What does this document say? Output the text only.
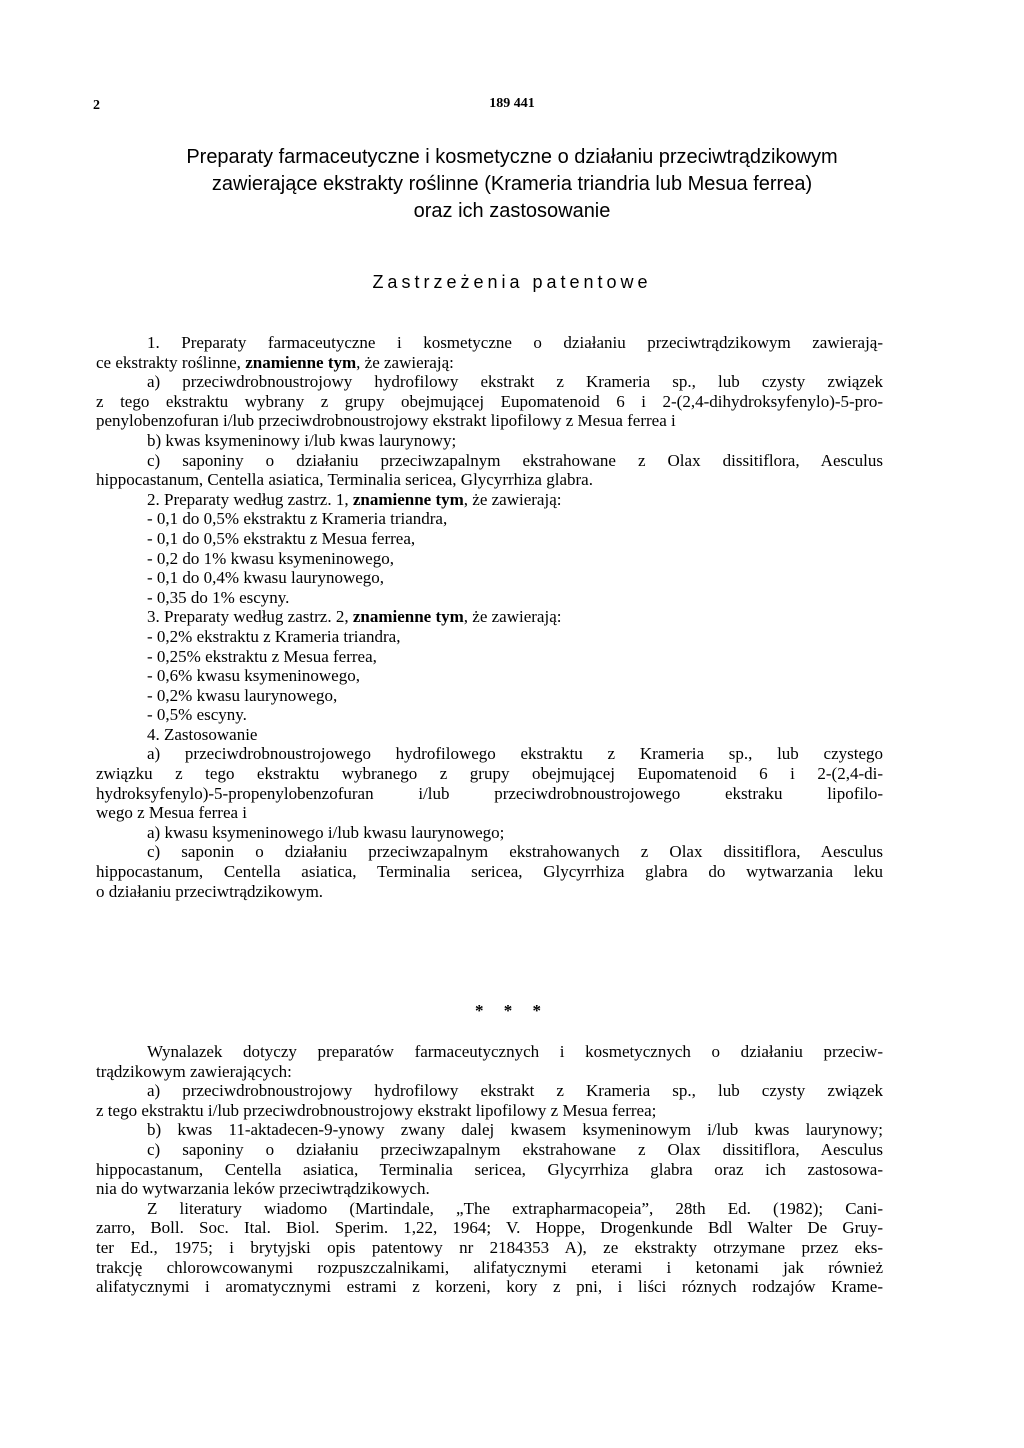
2	189 441
Preparaty farmaceutyczne i kosmetyczne o działaniu przeciwtrądzikowym
zawierające ekstrakty roślinne (Krameria triandria lub Mesua ferrea)
oraz ich zastosowanie
Zastrzeżenia patentowe
1. Preparaty farmaceutyczne i kosmetyczne o działaniu przeciwtrądzikowym zawierają-
ce ekstrakty roślinne, znamienne tym, że zawierają:
a) przeciwdrobnoustrojowy hydrofilowy ekstrakt z Krameria sp., lub czysty związek
z tego ekstraktu wybrany z grupy obejmującej Eupomatenoid 6 i 2-(2,4-dihydroksyfenylo)-5-pro-
penylobenzofuran i/lub przeciwdrobnoustrojowy ekstrakt lipofilowy z Mesua ferrea i
b) kwas ksymeninowy i/lub kwas laurynowy;
c) saponiny o działaniu przeciwzapalnym ekstrahowane z Olax dissitiflora, Aesculus
hippocastanum, Centella asiatica, Terminalia sericea, Glycyrrhiza glabra.
2. Preparaty według zastrz. 1, znamienne tym, że zawierają:
- 0,1 do 0,5% ekstraktu z Krameria triandra,
- 0,1 do 0,5% ekstraktu z Mesua ferrea,
- 0,2 do 1% kwasu ksymeninowego,
- 0,1 do 0,4% kwasu laurynowego,
- 0,35 do 1% escyny.
3. Preparaty według zastrz. 2, znamienne tym, że zawierają:
- 0,2% ekstraktu z Krameria triandra,
- 0,25% ekstraktu z Mesua ferrea,
- 0,6% kwasu ksymeninowego,
- 0,2% kwasu laurynowego,
- 0,5% escyny.
4. Zastosowanie
a) przeciwdrobnoustrojowego hydrofilowego ekstraktu z Krameria sp., lub czystego
związku z tego ekstraktu wybranego z grupy obejmującej Eupomatenoid 6 i 2-(2,4-di-
hydroksyfenylo)-5-propenylobenzofuran i/lub przeciwdrobnoustrojowego ekstraku lipofilo-
wego z Mesua ferrea i
a) kwasu ksymeninowego i/lub kwasu laurynowego;
c) saponin o działaniu przeciwzapalnym ekstrahowanych z Olax dissitiflora, Aesculus
hippocastanum, Centella asiatica, Terminalia sericea, Glycyrrhiza glabra do wytwarzania leku
o działaniu przeciwtrądzikowym.
* * *
Wynalazek dotyczy preparatów farmaceutycznych i kosmetycznych o działaniu przeciw-
trądzikowym zawierających:
a) przeciwdrobnoustrojowy hydrofilowy ekstrakt z Krameria sp., lub czysty związek
z tego ekstraktu i/lub przeciwdrobnoustrojowy ekstrakt lipofilowy z Mesua ferrea;
b) kwas 11-aktadecen-9-ynowy zwany dalej kwasem ksymeninowym i/lub kwas laurynowy;
c) saponiny o działaniu przeciwzapalnym ekstrahowane z Olax dissitiflora, Aesculus
hippocastanum, Centella asiatica, Terminalia sericea, Glycyrrhiza glabra oraz ich zastosowa-
nia do wytwarzania leków przeciwtrądzikowych.
Z literatury wiadomo (Martindale, „The extrapharmacopeia”, 28th Ed. (1982); Cani-
zarro, Boll. Soc. Ital. Biol. Sperim. 1,22, 1964; V. Hoppe, Drogenkunde Bdl Walter De Gruy-
ter Ed., 1975; i brytyjski opis patentowy nr 2184353 A), ze ekstrakty otrzymane przez eks-
trakcję chlorowcowanymi rozpuszczalnikami, alifatycznymi eterami i ketonami jak również
alifatycznymi i aromatycznymi estrami z korzeni, kory z pni, i liści róznych rodzajów Krame-
